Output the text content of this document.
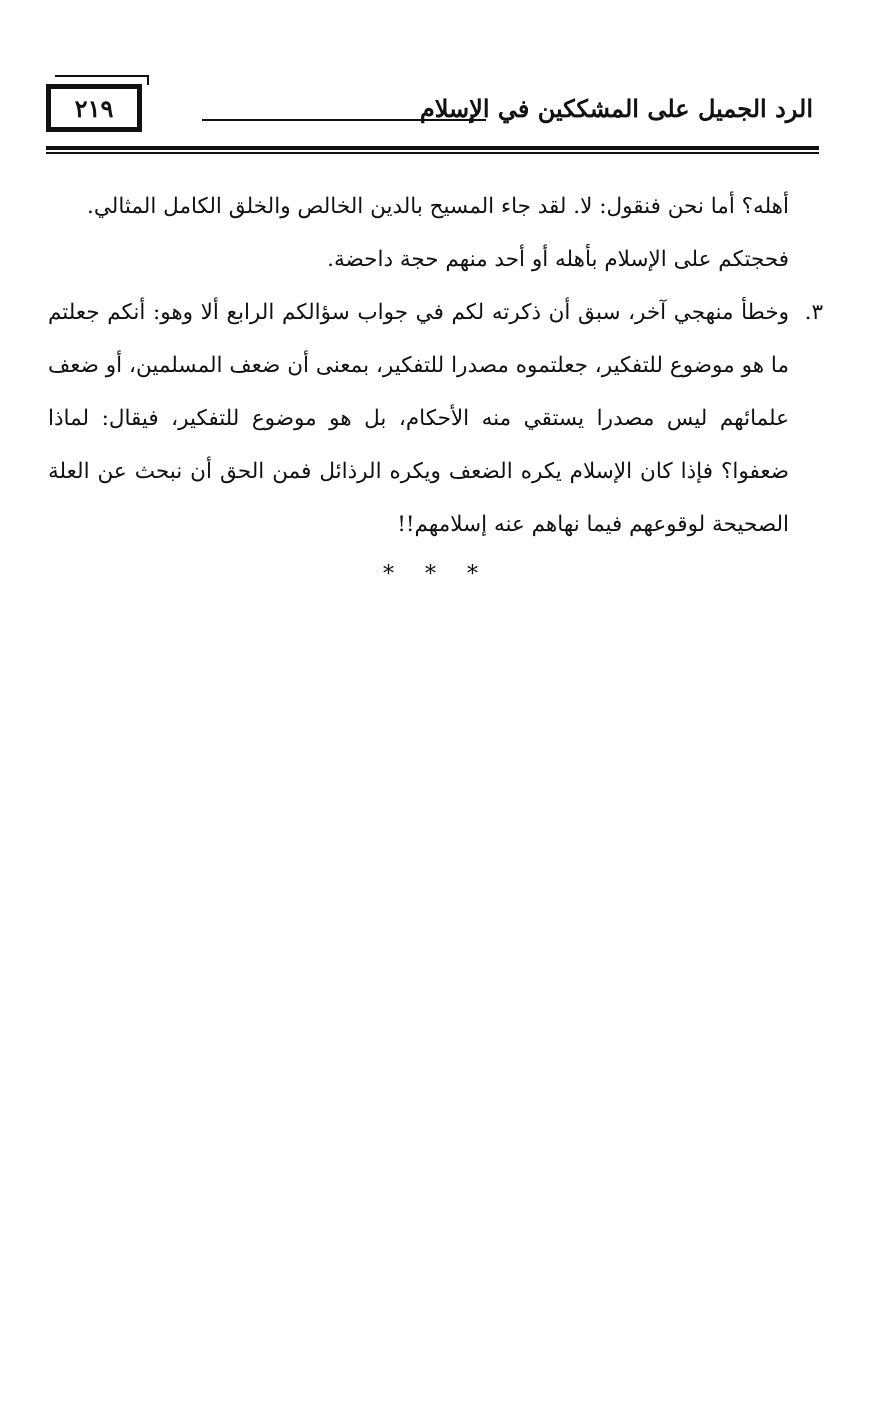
٢١٩	الرد الجميل على المشككين في الإسلام

أهله؟ أما نحن فنقول: لا. لقد جاء المسيح بالدين الخالص والخلق الكامل المثالي. فحجتكم على الإسلام بأهله أو أحد منهم حجة داحضة.

٣.

وخطأ منهجي آخر، سبق أن ذكرته لكم في جواب سؤالكم الرابع ألا وهو: أنكم جعلتم ما هو موضوع للتفكير، جعلتموه مصدرا للتفكير، بمعنى أن ضعف المسلمين، أو ضعف علمائهم ليس مصدرا يستقي منه الأحكام، بل هو موضوع للتفكير، فيقال: لماذا ضعفوا؟ فإذا كان الإسلام يكره الضعف ويكره الرذائل فمن الحق أن نبحث عن العلة الصحيحة لوقوعهم فيما نهاهم عنه إسلامهم!!

* * *
